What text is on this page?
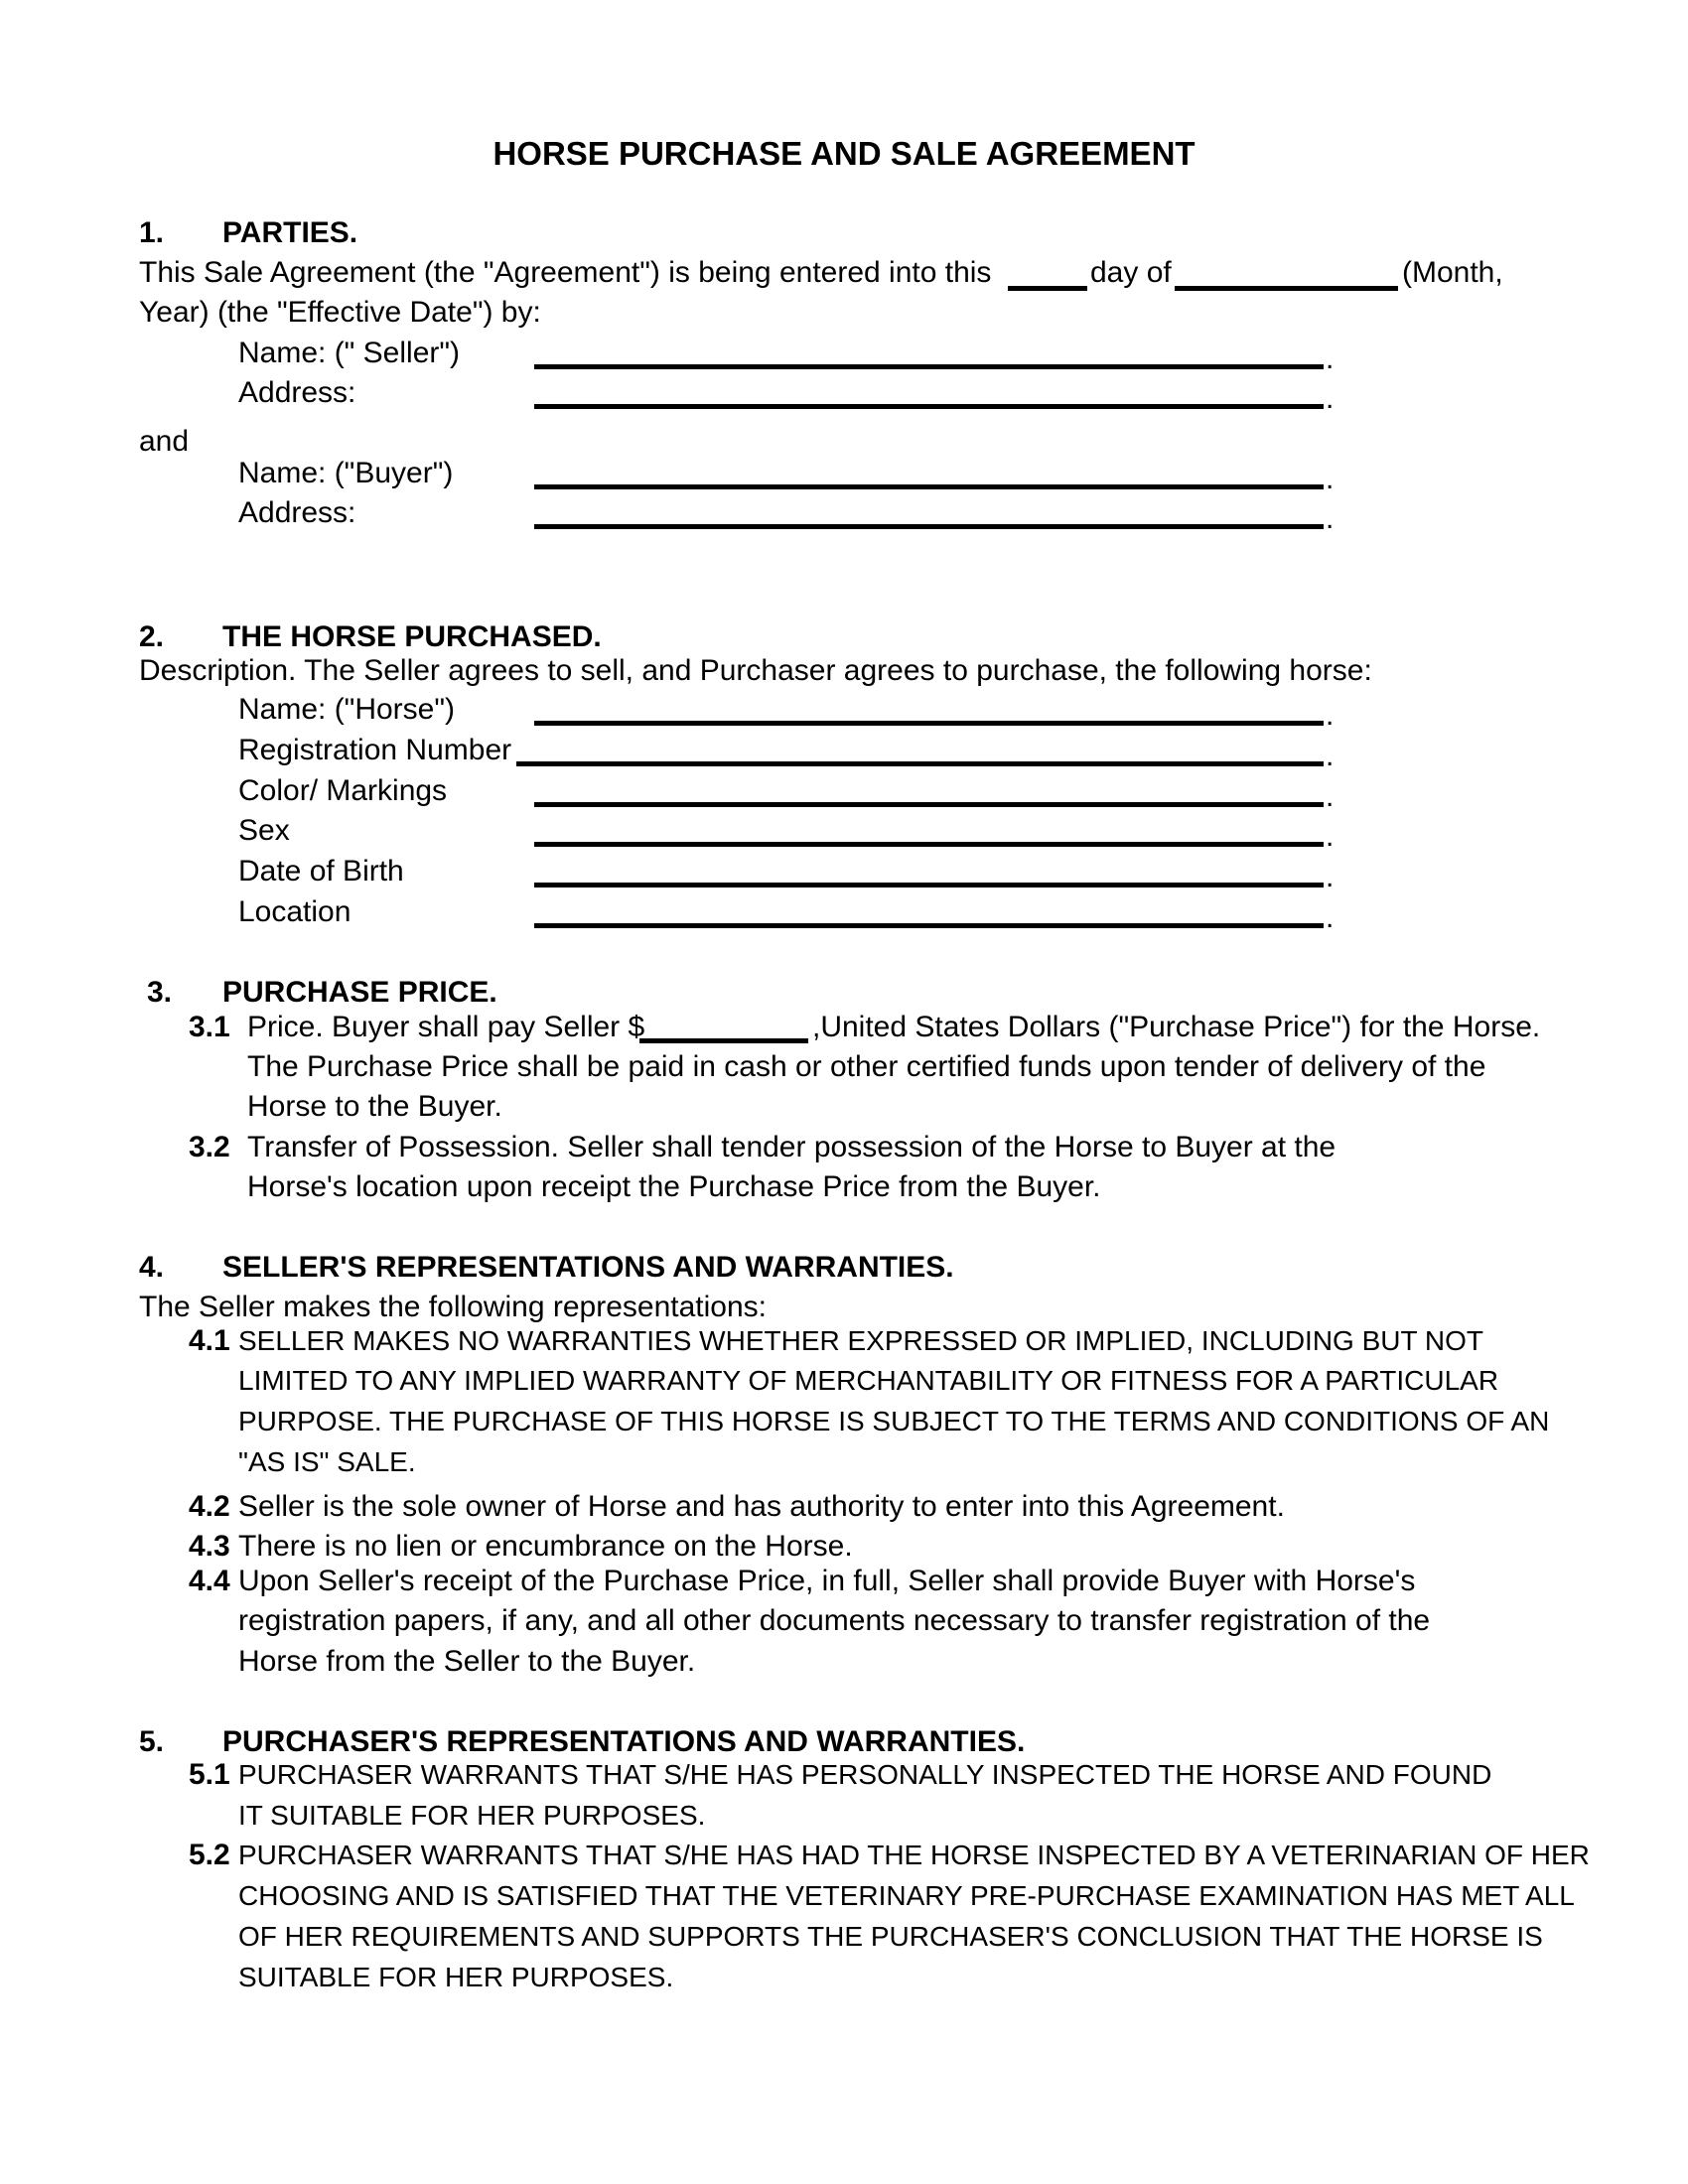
HORSE PURCHASE AND SALE AGREEMENT
1. PARTIES.
This Sale Agreement (the "Agreement") is being entered into this	day of	(Month,
Year) (the "Effective Date") by:
Name: (" Seller")	.
Address:	.
and
Name: ("Buyer")	.
Address:	.
2. THE HORSE PURCHASED.
Description. The Seller agrees to sell, and Purchaser agrees to purchase, the following horse:
Name: ("Horse")	.
Registration Number	.
Color/ Markings	.
Sex	.
Date of Birth	.
Location	.
3. PURCHASE PRICE.
3.1 Price. Buyer shall pay Seller $	,United States Dollars ("Purchase Price") for the Horse.
The Purchase Price shall be paid in cash or other certified funds upon tender of delivery of the
Horse to the Buyer.
3.2 Transfer of Possession. Seller shall tender possession of the Horse to Buyer at the
Horse's location upon receipt the Purchase Price from the Buyer.
4. SELLER'S REPRESENTATIONS AND WARRANTIES.
The Seller makes the following representations:
4.1 SELLER MAKES NO WARRANTIES WHETHER EXPRESSED OR IMPLIED, INCLUDING BUT NOT
LIMITED TO ANY IMPLIED WARRANTY OF MERCHANTABILITY OR FITNESS FOR A PARTICULAR
PURPOSE. THE PURCHASE OF THIS HORSE IS SUBJECT TO THE TERMS AND CONDITIONS OF AN
"AS IS" SALE.
4.2 Seller is the sole owner of Horse and has authority to enter into this Agreement.
4.3 There is no lien or encumbrance on the Horse.
4.4 Upon Seller's receipt of the Purchase Price, in full, Seller shall provide Buyer with Horse's
registration papers, if any, and all other documents necessary to transfer registration of the
Horse from the Seller to the Buyer.
5. PURCHASER'S REPRESENTATIONS AND WARRANTIES.
5.1 PURCHASER WARRANTS THAT S/HE HAS PERSONALLY INSPECTED THE HORSE AND FOUND
IT SUITABLE FOR HER PURPOSES.
5.2 PURCHASER WARRANTS THAT S/HE HAS HAD THE HORSE INSPECTED BY A VETERINARIAN OF HER
CHOOSING AND IS SATISFIED THAT THE VETERINARY PRE-PURCHASE EXAMINATION HAS MET ALL
OF HER REQUIREMENTS AND SUPPORTS THE PURCHASER'S CONCLUSION THAT THE HORSE IS
SUITABLE FOR HER PURPOSES.
